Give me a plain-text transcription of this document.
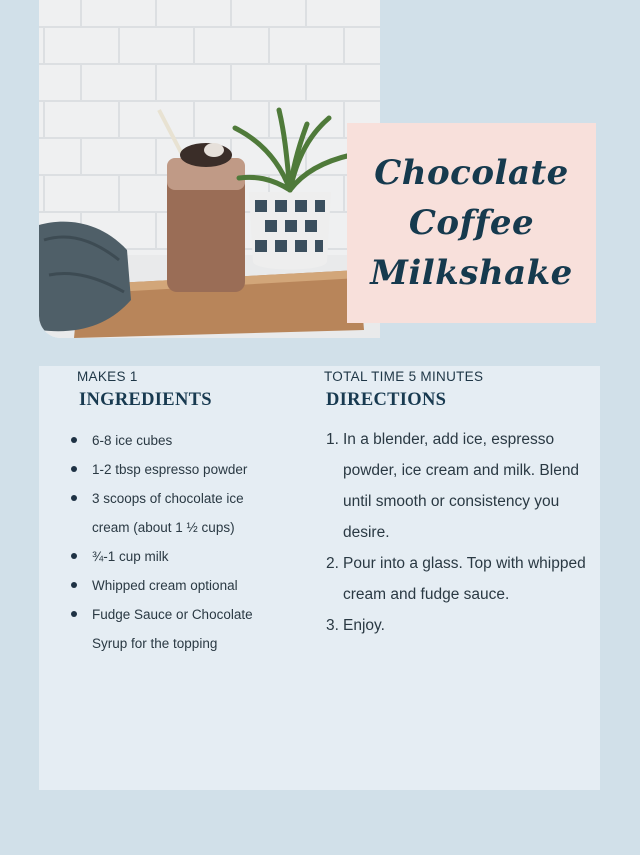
Chocolate
Coffee
Milkshake
MAKES 1	TOTAL TIME 5 MINUTES
INGREDIENTS	DIRECTIONS
6-8 ice cubes
1-2 tbsp espresso powder
3 scoops of chocolate ice cream (about 1 ½ cups)
¾-1 cup milk
Whipped cream optional
Fudge Sauce or Chocolate Syrup for the topping
1. In a blender, add ice, espresso powder, ice cream and milk. Blend until smooth or consistency you desire.
2. Pour into a glass. Top with whipped cream and fudge sauce.
3. Enjoy.
